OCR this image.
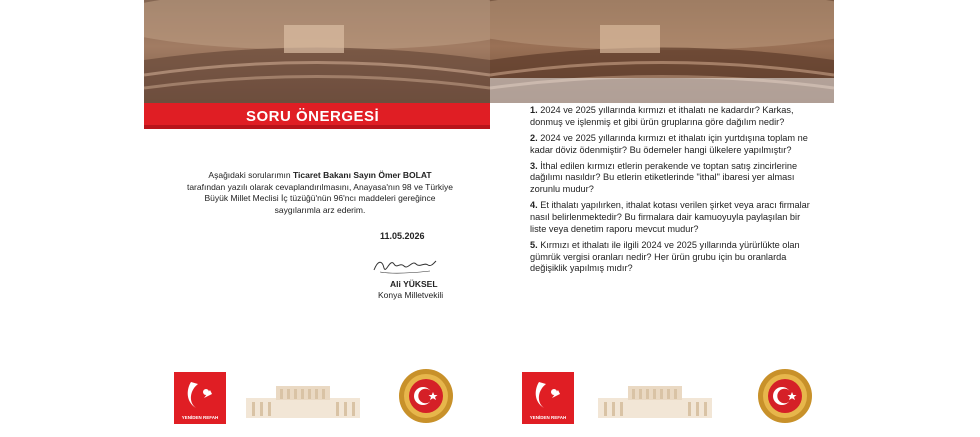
SORU ÖNERGESİ
Aşağıdaki sorularımın Ticaret Bakanı Sayın Ömer BOLAT
tarafından yazılı olarak cevaplandırılmasını, Anayasa'nın 98 ve Türkiye
Büyük Millet Meclisi İç tüzüğü'nün 96'ncı maddeleri gereğince
saygılarımla arz ederim.
11.05.2026
Ali YÜKSEL
Konya Milletvekili
YENİDEN REFAH
1. 2024 ve 2025 yıllarında kırmızı et ithalatı ne kadardır? Karkas, donmuş ve işlenmiş et gibi ürün gruplarına göre dağılım nedir?
2. 2024 ve 2025 yıllarında kırmızı et ithalatı için yurtdışına toplam ne kadar döviz ödenmiştir? Bu ödemeler hangi ülkelere yapılmıştır?
3. İthal edilen kırmızı etlerin perakende ve toptan satış zincirlerine dağılımı nasıldır? Bu etlerin etiketlerinde "ithal" ibaresi yer alması zorunlu mudur?
4. Et ithalatı yapılırken, ithalat kotası verilen şirket veya aracı firmalar nasıl belirlenmektedir? Bu firmalara dair kamuoyuyla paylaşılan bir liste veya denetim raporu mevcut mudur?
5. Kırmızı et ithalatı ile ilgili 2024 ve 2025 yıllarında yürürlükte olan gümrük vergisi oranları nedir? Her ürün grubu için bu oranlarda değişiklik yapılmış mıdır?
YENİDEN REFAH
